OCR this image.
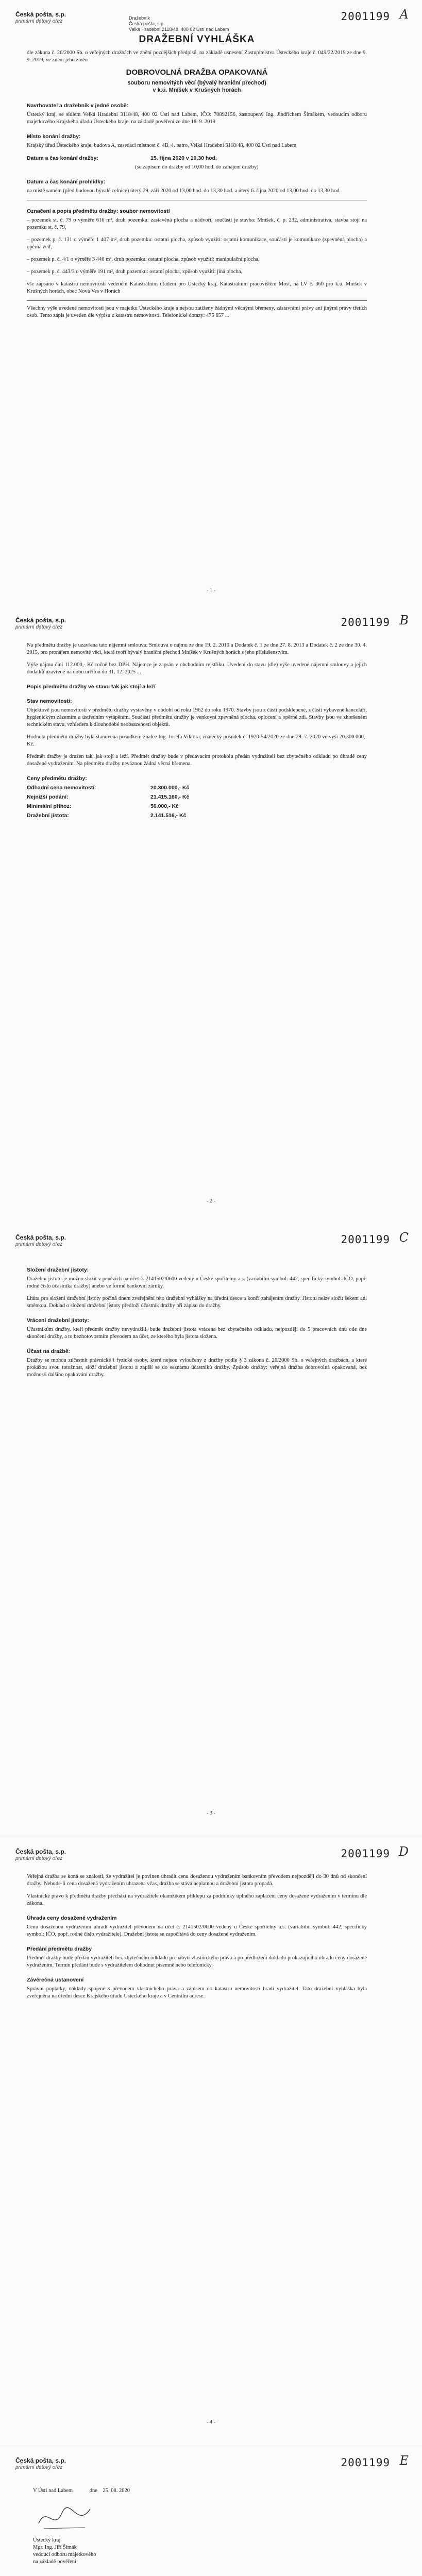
Česká pošta, s.p.
primární datový ořez
Dražebník
Česká pošta, s.p.
Velká Hradební 2118/48, 400 02 Ústí nad Labem
2001199 A
DRAŽEBNÍ VYHLÁŠKA

dle zákona č. 26/2000 Sb. o veřejných dražbách ve znění pozdějších předpisů, na základě usnesení Zastupitelstva Ústeckého kraje č. 049/22/2019 ze dne 9. 9. 2019, ve znění jeho změn

DOBROVOLNÁ DRAŽBA OPAKOVANÁ
souboru nemovitých věcí (bývalý hraniční přechod)
v k.ú. Mníšek v Krušných horách
Navrhovatel a dražebník v jedné osobě:

Ústecký kraj, se sídlem Velká Hradební 3118/48, 400 02 Ústí nad Labem, IČO: 70892156, zastoupený Ing. Jindřichem Šimákem, vedoucím odboru majetkového Krajského úřadu Ústeckého kraje, na základě pověření ze dne 18. 9. 2019

Místo konání dražby:

Krajský úřad Ústeckého kraje, budova A, zasedací místnost č. 4B, 4. patro, Velká Hradební 3118/48, 400 02 Ústí nad Labem

Datum a čas konání dražby:	15. října 2020 v 10,30 hod.

(se zápisem do dražby od 10,00 hod. do zahájení dražby)

Datum a čas konání prohlídky:

na místě samém (před budovou bývalé celnice) úterý 29. září 2020 od 13,00 hod. do 13,30 hod. a úterý 6. října 2020 od 13,00 hod. do 13,30 hod.

Označení a popis předmětu dražby: soubor nemovitostí

– pozemek st. č. 79 o výměře 616 m², druh pozemku: zastavěná plocha a nádvoří, součástí je stavba: Mníšek, č. p. 232, administrativa, stavba stojí na pozemku st. č. 79,

– pozemek p. č. 131 o výměře 1 407 m², druh pozemku: ostatní plocha, způsob využití: ostatní komunikace, součástí je komunikace (zpevněná plocha) a opěrná zeď,

– pozemek p. č. 4/1 o výměře 3 446 m², druh pozemku: ostatní plocha, způsob využití: manipulační plocha,

– pozemek p. č. 443/3 o výměře 191 m², druh pozemku: ostatní plocha, způsob využití: jiná plocha,

vše zapsáno v katastru nemovitostí vedeném Katastrálním úřadem pro Ústecký kraj, Katastrálním pracovištěm Most, na LV č. 360 pro k.ú. Mníšek v Krušných horách, obec Nová Ves v Horách

Všechny výše uvedené nemovitosti jsou v majetku Ústeckého kraje a nejsou zatíženy žádnými věcnými břemeny, zástavními právy ani jinými právy třetích osob. Tento zápis je uveden dle výpisu z katastru nemovitostí. Telefonické dotazy: 475 657 ...

- 1 -
Česká pošta, s.p.
primární datový ořez	2001199 B

Na předmětu dražby je uzavřena tato nájemní smlouva: Smlouva o nájmu ze dne 19. 2. 2010 a Dodatek č. 1 ze dne 27. 8. 2013 a Dodatek č. 2 ze dne 30. 4. 2015, pro pronájem nemovité věci, která tvoří bývalý hraniční přechod Mníšek v Krušných horách s jeho příslušenstvím.

Výše nájmu činí 112.000,- Kč ročně bez DPH. Nájemce je zapsán v obchodním rejstříku. Uvedení do stavu (dle) výše uvedené nájemní smlouvy a jejich dodatků uzavřené na dobu určitou do 31. 12. 2025 ...

Popis předmětu dražby ve stavu tak jak stojí a leží
Stav nemovitosti:

Objektově jsou nemovitosti v předmětu dražby vystavěny v období od roku 1962 do roku 1970. Stavby jsou z části podsklepené, z části vybavené kanceláří, hygienickým zázemím a ústředním vytápěním. Součástí předmětu dražby je venkovní zpevněná plocha, oplocení a opěrné zdi. Stavby jsou ve zhoršeném technickém stavu, vzhledem k dlouhodobé neobsazenosti objektů.

Hodnota předmětu dražby byla stanovena posudkem znalce Ing. Josefa Viktora, znalecký posudek č. 1920-54/2020 ze dne 29. 7. 2020 ve výši 20.300.000,- Kč.

Předmět dražby je dražen tak, jak stojí a leží. Předmět dražby bude v předávacím protokolu předán vydražiteli bez zbytečného odkladu po úhradě ceny dosažené vydražením. Na předmětu dražby neváznou žádná věcná břemena.

Ceny předmětu dražby:
Odhadní cena nemovitostí:	20.300.000,- Kč
Nejnižší podání:	21.415.160,- Kč
Minimální příhoz:	50.000,- Kč
Dražební jistota:	2.141.516,- Kč
- 2 -
Česká pošta, s.p.
primární datový ořez	2001199 C
Složení dražební jistoty:

Dražební jistotu je možno složit v penězích na účet č. 2141502/0600 vedený u České spořitelny a.s. (variabilní symbol: 442, specifický symbol: IČO, popř. rodné číslo účastníka dražby) anebo ve formě bankovní záruky.

Lhůta pro složení dražební jistoty počíná dnem zveřejnění této dražební vyhlášky na úřední desce a končí zahájením dražby. Jistotu nelze složit šekem ani směnkou. Doklad o složení dražební jistoty předloží účastník dražby při zápisu do dražby.

Vrácení dražební jistoty:

Účastníkům dražby, kteří předmět dražby nevydražili, bude dražební jistota vrácena bez zbytečného odkladu, nejpozději do 5 pracovních dnů ode dne skončení dražby, a to bezhotovostním převodem na účet, ze kterého byla jistota složena.

Účast na dražbě:

Dražby se mohou zúčastnit právnické i fyzické osoby, které nejsou vyloučeny z dražby podle § 3 zákona č. 26/2000 Sb. o veřejných dražbách, a které prokážou svou totožnost, složí dražební jistotu a zapíší se do seznamu účastníků dražby. Způsob dražby: veřejná dražba dobrovolná opakovaná, bez možnosti dalšího opakování dražby.

- 3 -
Česká pošta, s.p.
primární datový ořez	2001199 D

Veřejná dražba se koná se znalosti, že vydražitel je povinen uhradit cenu dosaženou vydražením bankovním převodem nejpozději do 30 dnů od skončení dražby. Nebude-li cena dosažená vydražením uhrazena včas, dražba se stává neplatnou a dražební jistota propadá.

Vlastnické právo k předmětu dražby přechází na vydražitele okamžikem příklepu za podmínky úplného zaplacení ceny dosažené vydražením v termínu dle zákona.

Úhrada ceny dosažené vydražením

Cenu dosaženou vydražením uhradí vydražitel převodem na účet č. 2141502/0600 vedený u České spořitelny a.s. (variabilní symbol: 442, specifický symbol: IČO, popř. rodné číslo vydražitele). Dražební jistota se započítává do ceny dosažené vydražením.

Předání předmětu dražby

Předmět dražby bude předán vydražiteli bez zbytečného odkladu po nabytí vlastnického práva a po předložení dokladu prokazujícího úhradu ceny dosažené vydražením. Termín předání bude s vydražitelem dohodnut písemně nebo telefonicky.

Závěrečná ustanovení

Správní poplatky, náklady spojené s převodem vlastnického práva a zápisem do katastru nemovitostí hradí vydražitel. Tato dražební vyhláška byla zveřejněna na úřední desce Krajského úřadu Ústeckého kraje a v Centrální adrese.

- 4 -
Česká pošta, s.p.
primární datový ořez	2001199 E
V Ústí nad Labem	dne 25. 08. 2020
Ústecký kraj
Mgr. Ing. Jiří Šimák
vedoucí odboru majetkového
na základě pověření
